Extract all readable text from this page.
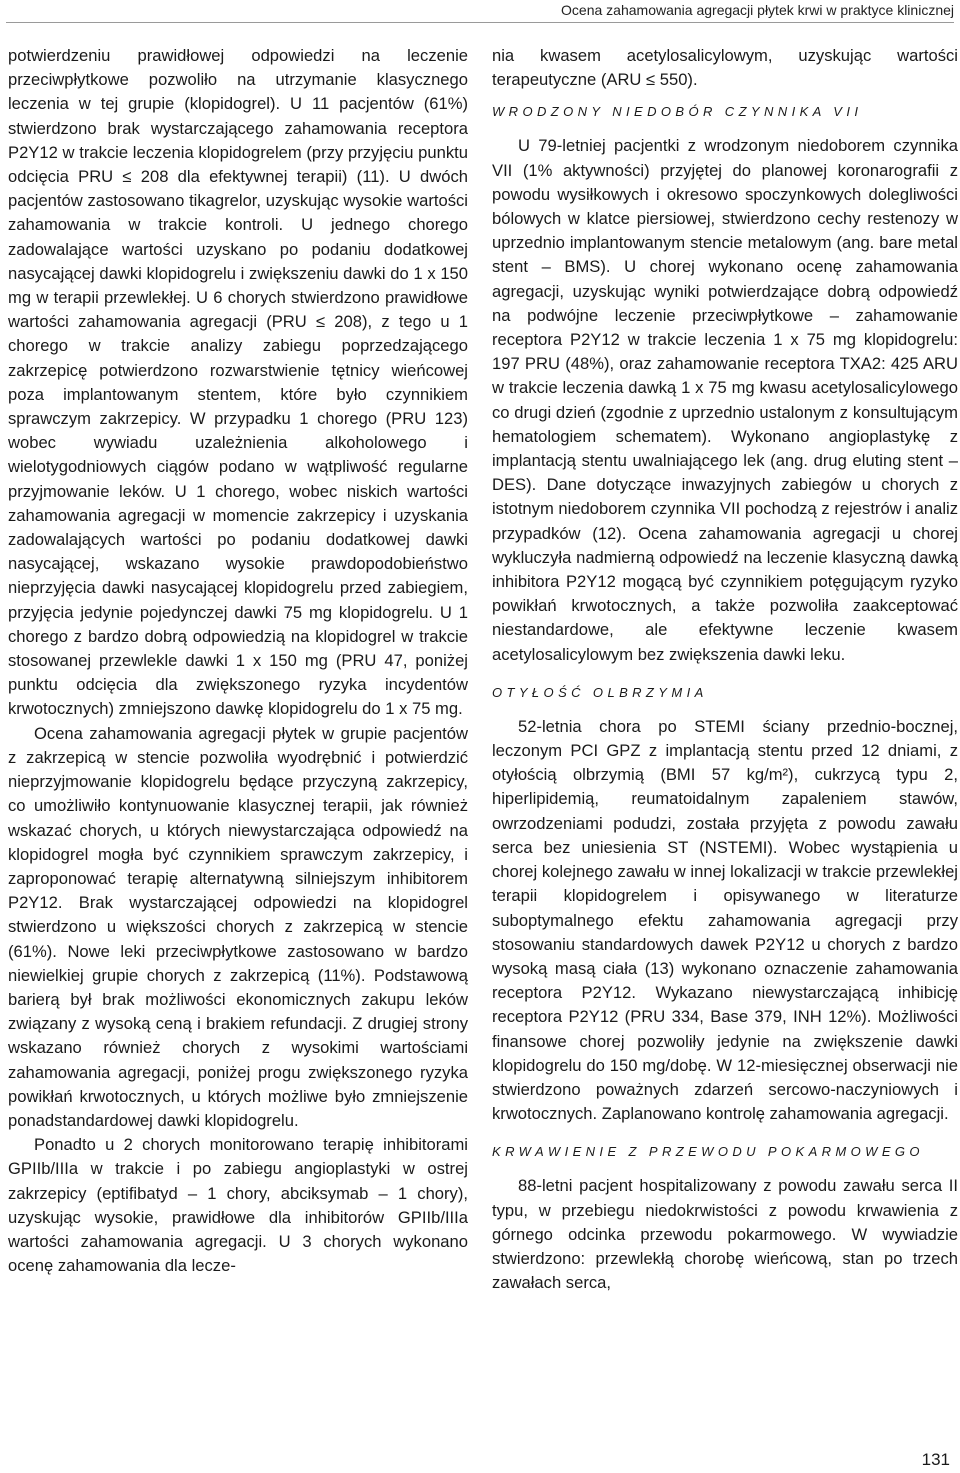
Ocena zahamowania agregacji płytek krwi w praktyce klinicznej

potwierdzeniu prawidłowej odpowiedzi na leczenie przeciwpłytkowe pozwoliło na utrzymanie klasycznego leczenia w tej grupie (klopidogrel). U 11 pacjentów (61%) stwierdzono brak wystarczającego zahamowania receptora P2Y12 w trakcie leczenia klopidogrelem (przy przyjęciu punktu odcięcia PRU ≤ 208 dla efektywnej terapii) (11). U dwóch pacjentów zastosowano tikagrelor, uzyskując wysokie wartości zahamowania w trakcie kontroli. U jednego chorego zadowalające wartości uzyskano po podaniu dodatkowej nasycającej dawki klopidogrelu i zwiększeniu dawki do 1 x 150 mg w terapii przewlekłej. U 6 chorych stwierdzono prawidłowe wartości zahamowania agregacji (PRU ≤ 208), z tego u 1 chorego w trakcie analizy zabiegu poprzedzającego zakrzepicę potwierdzono rozwarstwienie tętnicy wieńcowej poza implantowanym stentem, które było czynnikiem sprawczym zakrzepicy. W przypadku 1 chorego (PRU 123) wobec wywiadu uzależnienia alkoholowego i wielotygodniowych ciągów podano w wątpliwość regularne przyjmowanie leków. U 1 chorego, wobec niskich wartości zahamowania agregacji w momencie zakrzepicy i uzyskania zadowalających wartości po podaniu dodatkowej dawki nasycającej, wskazano wysokie prawdopodobieństwo nieprzyjęcia dawki nasycającej klopidogrelu przed zabiegiem, przyjęcia jedynie pojedynczej dawki 75 mg klopidogrelu. U 1 chorego z bardzo dobrą odpowiedzią na klopidogrel w trakcie stosowanej przewlekle dawki 1 x 150 mg (PRU 47, poniżej punktu odcięcia dla zwiększonego ryzyka incydentów krwotocznych) zmniejszono dawkę klopidogrelu do 1 x 75 mg.

Ocena zahamowania agregacji płytek w grupie pacjentów z zakrzepicą w stencie pozwoliła wyodrębnić i potwierdzić nieprzyjmowanie klopidogrelu będące przyczyną zakrzepicy, co umożliwiło kontynuowanie klasycznej terapii, jak również wskazać chorych, u których niewystarczająca odpowiedź na klopidogrel mogła być czynnikiem sprawczym zakrzepicy, i zaproponować terapię alternatywną silniejszym inhibitorem P2Y12. Brak wystarczającej odpowiedzi na klopidogrel stwierdzono u większości chorych z zakrzepicą w stencie (61%). Nowe leki przeciwpłytkowe zastosowano w bardzo niewielkiej grupie chorych z zakrzepicą (11%). Podstawową barierą był brak możliwości ekonomicznych zakupu leków związany z wysoką ceną i brakiem refundacji. Z drugiej strony wskazano również chorych z wysokimi wartościami zahamowania agregacji, poniżej progu zwiększonego ryzyka powikłań krwotocznych, u których możliwe było zmniejszenie ponadstandardowej dawki klopidogrelu.

Ponadto u 2 chorych monitorowano terapię inhibitorami GPIIb/IIIa w trakcie i po zabiegu angioplastyki w ostrej zakrzepicy (eptifibatyd – 1 chory, abciksymab – 1 chory), uzyskując wysokie, prawidłowe dla inhibitorów GPIIb/IIIa wartości zahamowania agregacji. U 3 chorych wykonano ocenę zahamowania dla lecze-

nia kwasem acetylosalicylowym, uzyskując wartości terapeutyczne (ARU ≤ 550).

WRODZONY NIEDOBÓR CZYNNIKA VII

U 79-letniej pacjentki z wrodzonym niedoborem czynnika VII (1% aktywności) przyjętej do planowej koronarografii z powodu wysiłkowych i okresowo spoczynkowych dolegliwości bólowych w klatce piersiowej, stwierdzono cechy restenozy w uprzednio implantowanym stencie metalowym (ang. bare metal stent – BMS). U chorej wykonano ocenę zahamowania agregacji, uzyskując wyniki potwierdzające dobrą odpowiedź na podwójne leczenie przeciwpłytkowe – zahamowanie receptora P2Y12 w trakcie leczenia 1 x 75 mg klopidogrelu: 197 PRU (48%), oraz zahamowanie receptora TXA2: 425 ARU w trakcie leczenia dawką 1 x 75 mg kwasu acetylosalicylowego co drugi dzień (zgodnie z uprzednio ustalonym z konsultującym hematologiem schematem). Wykonano angioplastykę z implantacją stentu uwalniającego lek (ang. drug eluting stent – DES). Dane dotyczące inwazyjnych zabiegów u chorych z istotnym niedoborem czynnika VII pochodzą z rejestrów i analiz przypadków (12). Ocena zahamowania agregacji u chorej wykluczyła nadmierną odpowiedź na leczenie klasyczną dawką inhibitora P2Y12 mogącą być czynnikiem potęgującym ryzyko powikłań krwotocznych, a także pozwoliła zaakceptować niestandardowe, ale efektywne leczenie kwasem acetylosalicylowym bez zwiększenia dawki leku.

OTYŁOŚĆ OLBRZYMIA

52-letnia chora po STEMI ściany przednio-bocznej, leczonym PCI GPZ z implantacją stentu przed 12 dniami, z otyłością olbrzymią (BMI 57 kg/m²), cukrzycą typu 2, hiperlipidemią, reumatoidalnym zapaleniem stawów, owrzodzeniami podudzi, została przyjęta z powodu zawału serca bez uniesienia ST (NSTEMI). Wobec wystąpienia u chorej kolejnego zawału w innej lokalizacji w trakcie przewlekłej terapii klopidogrelem i opisywanego w literaturze suboptymalnego efektu zahamowania agregacji przy stosowaniu standardowych dawek P2Y12 u chorych z bardzo wysoką masą ciała (13) wykonano oznaczenie zahamowania receptora P2Y12. Wykazano niewystarczającą inhibicję receptora P2Y12 (PRU 334, Base 379, INH 12%). Możliwości finansowe chorej pozwoliły jedynie na zwiększenie dawki klopidogrelu do 150 mg/dobę. W 12-miesięcznej obserwacji nie stwierdzono poważnych zdarzeń sercowo-naczyniowych i krwotocznych. Zaplanowano kontrolę zahamowania agregacji.

KRWAWIENIE Z PRZEWODU POKARMOWEGO

88-letni pacjent hospitalizowany z powodu zawału serca II typu, w przebiegu niedokrwistości z powodu krwawienia z górnego odcinka przewodu pokarmowego. W wywiadzie stwierdzono: przewlekłą chorobę wieńcową, stan po trzech zawałach serca,

131
